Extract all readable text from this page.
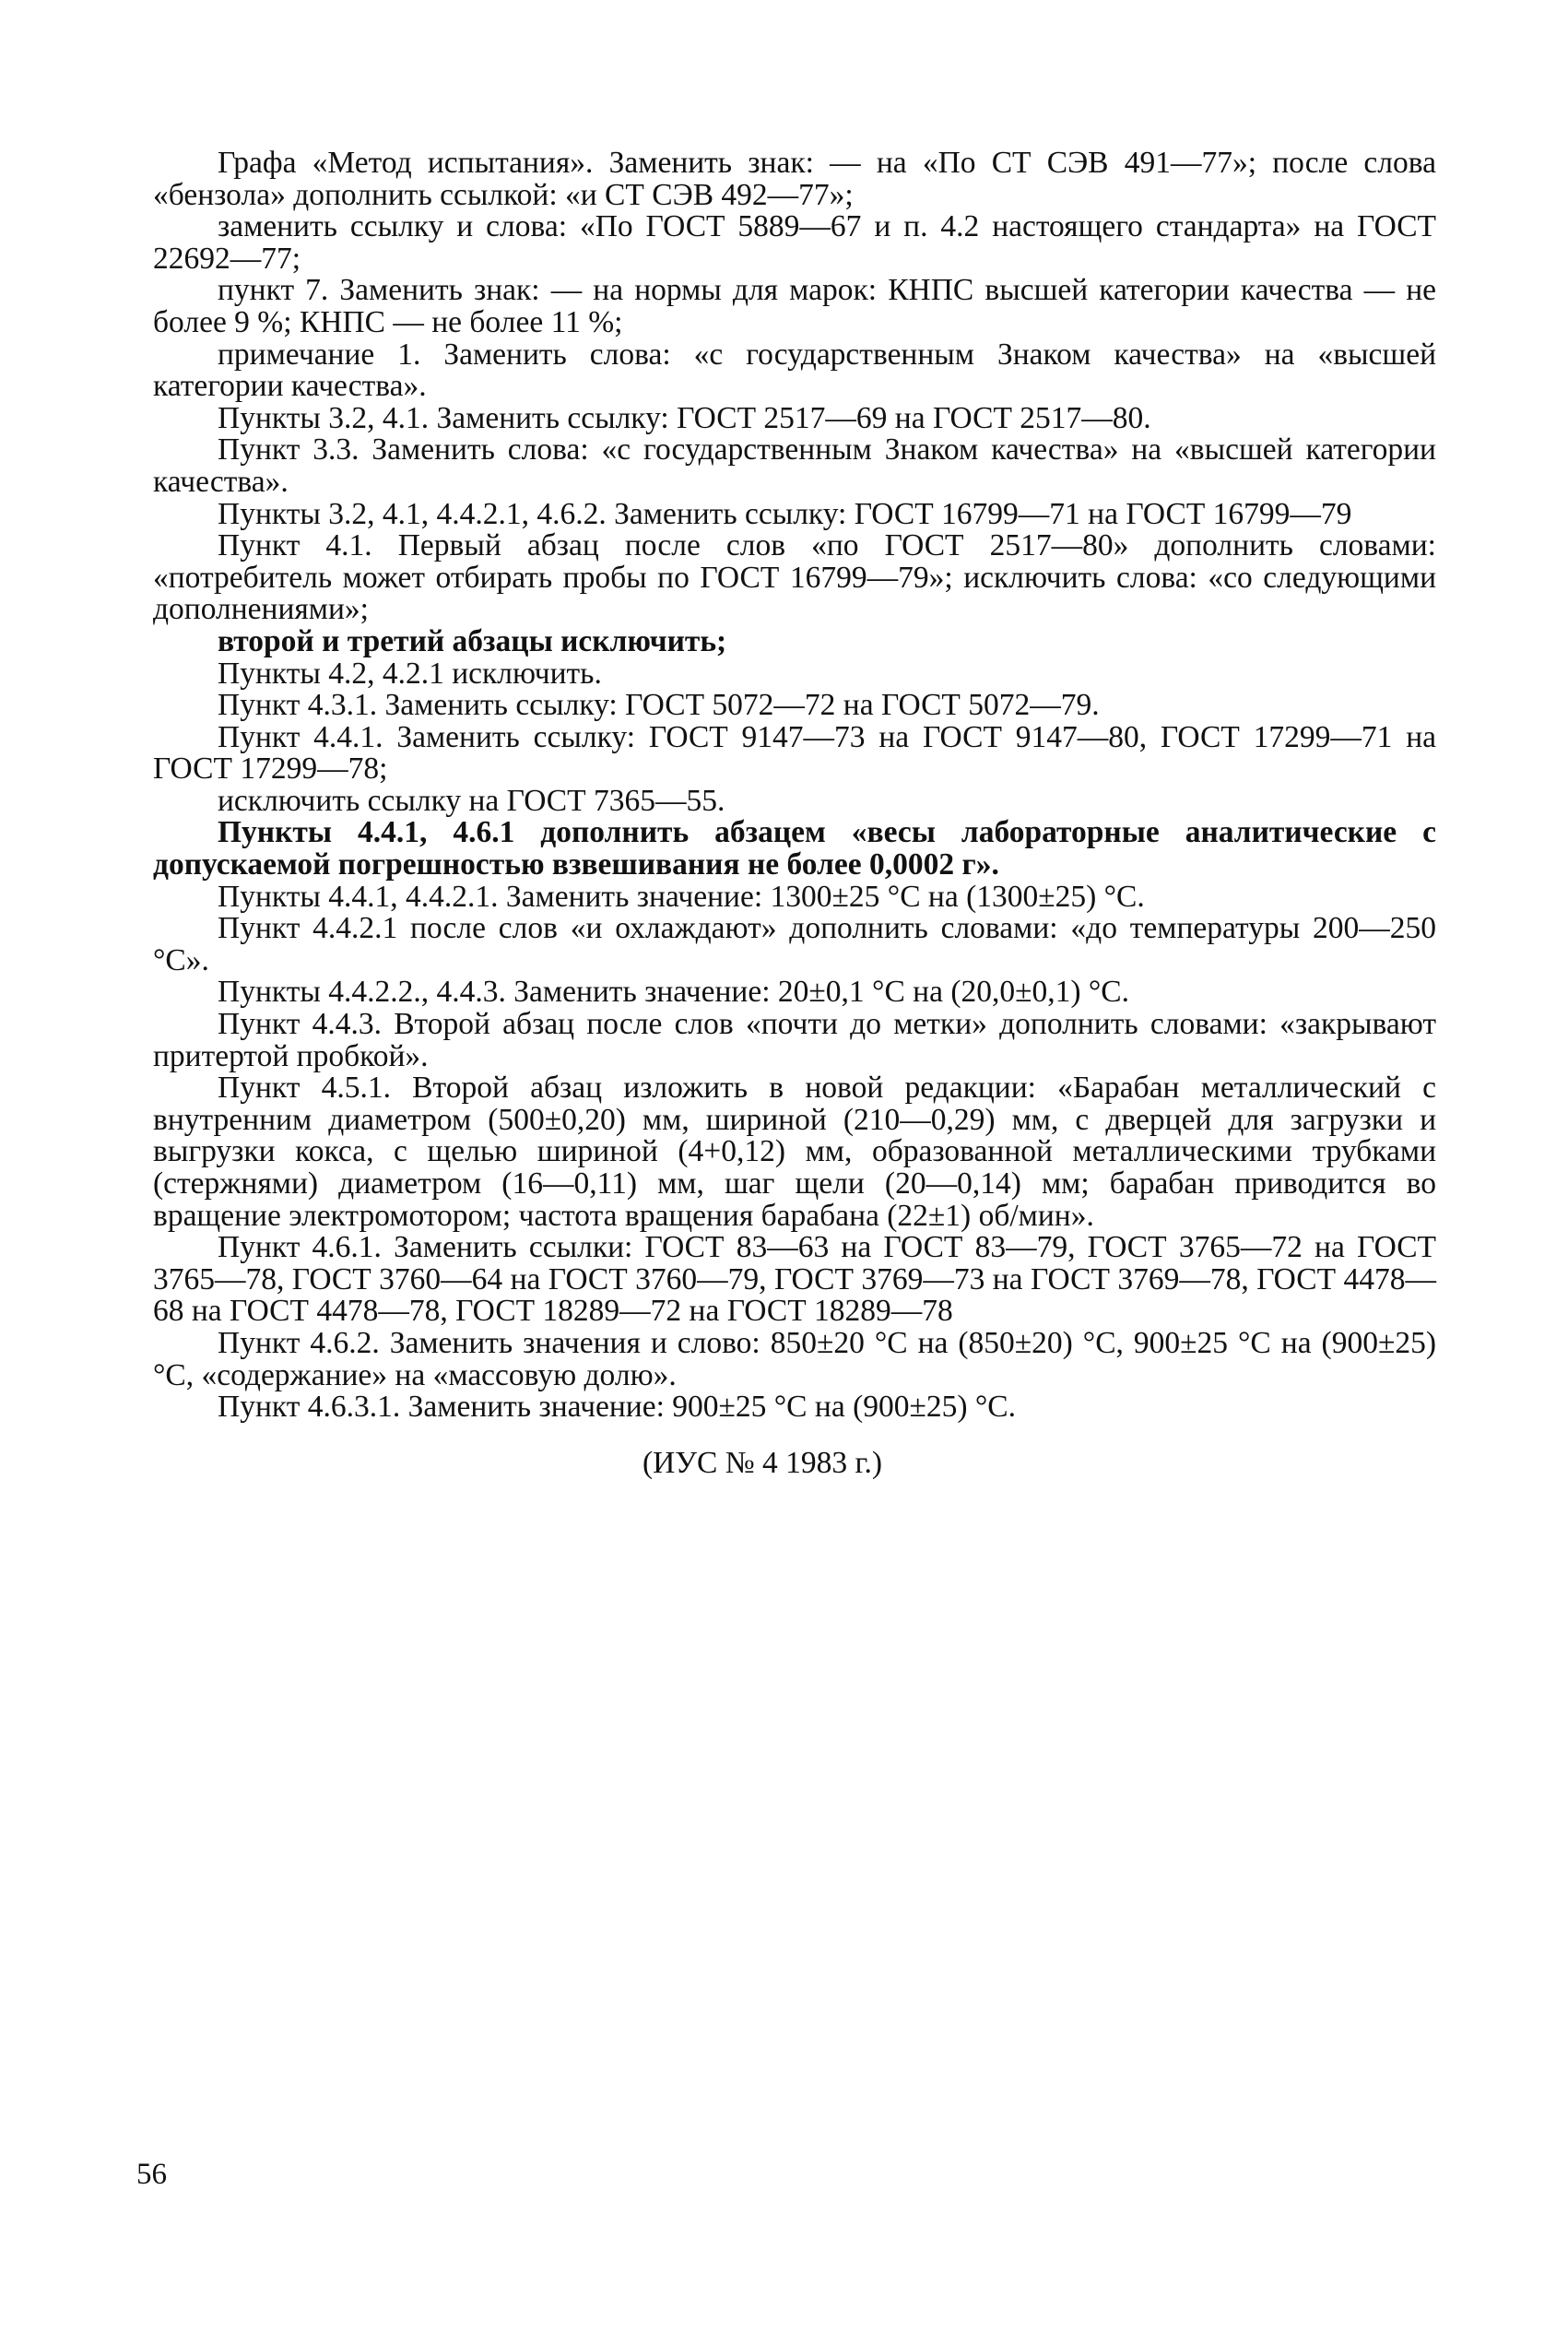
Графа «Метод испытания». Заменить знак: — на «По СТ СЭВ 491—77»; после слова «бензола» дополнить ссылкой: «и СТ СЭВ 492—77»;

заменить ссылку и слова: «По ГОСТ 5889—67 и п. 4.2 настоящего стандарта» на ГОСТ 22692—77;

пункт 7. Заменить знак: — на нормы для марок: КНПС высшей категории качества — не более 9 %; КНПС — не более 11 %;

примечание 1. Заменить слова: «с государственным Знаком качества» на «высшей категории качества».

Пункты 3.2, 4.1. Заменить ссылку: ГОСТ 2517—69 на ГОСТ 2517—80.

Пункт 3.3. Заменить слова: «с государственным Знаком качества» на «высшей категории качества».

Пункты 3.2, 4.1, 4.4.2.1, 4.6.2. Заменить ссылку: ГОСТ 16799—71 на ГОСТ 16799—79

Пункт 4.1. Первый абзац после слов «по ГОСТ 2517—80» дополнить словами: «потребитель может отбирать пробы по ГОСТ 16799—79»; исключить слова: «со следующими дополнениями»;

второй и третий абзацы исключить;

Пункты 4.2, 4.2.1 исключить.

Пункт 4.3.1. Заменить ссылку: ГОСТ 5072—72 на ГОСТ 5072—79.

Пункт 4.4.1. Заменить ссылку: ГОСТ 9147—73 на ГОСТ 9147—80, ГОСТ 17299—71 на ГОСТ 17299—78;

исключить ссылку на ГОСТ 7365—55.

Пункты 4.4.1, 4.6.1 дополнить абзацем «весы лабораторные аналитические с допускаемой погрешностью взвешивания не более 0,0002 г».

Пункты 4.4.1, 4.4.2.1. Заменить значение: 1300±25 °С на (1300±25) °С.

Пункт 4.4.2.1 после слов «и охлаждают» дополнить словами: «до температуры 200—250 °С».

Пункты 4.4.2.2., 4.4.3. Заменить значение: 20±0,1 °С на (20,0±0,1) °С.

Пункт 4.4.3. Второй абзац после слов «почти до метки» дополнить словами: «закрывают притертой пробкой».

Пункт 4.5.1. Второй абзац изложить в новой редакции: «Барабан металлический с внутренним диаметром (500±0,20) мм, шириной (210—0,29) мм, с дверцей для загрузки и выгрузки кокса, с щелью шириной (4+0,12) мм, образованной металлическими трубками (стержнями) диаметром (16—0,11) мм, шаг щели (20—0,14) мм; барабан приводится во вращение электромотором; частота вращения барабана (22±1) об/мин».

Пункт 4.6.1. Заменить ссылки: ГОСТ 83—63 на ГОСТ 83—79, ГОСТ 3765—72 на ГОСТ 3765—78, ГОСТ 3760—64 на ГОСТ 3760—79, ГОСТ 3769—73 на ГОСТ 3769—78, ГОСТ 4478—68 на ГОСТ 4478—78, ГОСТ 18289—72 на ГОСТ 18289—78

Пункт 4.6.2. Заменить значения и слово: 850±20 °С на (850±20) °С, 900±25 °С на (900±25) °С, «содержание» на «массовую долю».

Пункт 4.6.3.1. Заменить значение: 900±25 °С на (900±25) °С.

(ИУС № 4 1983 г.)

56
